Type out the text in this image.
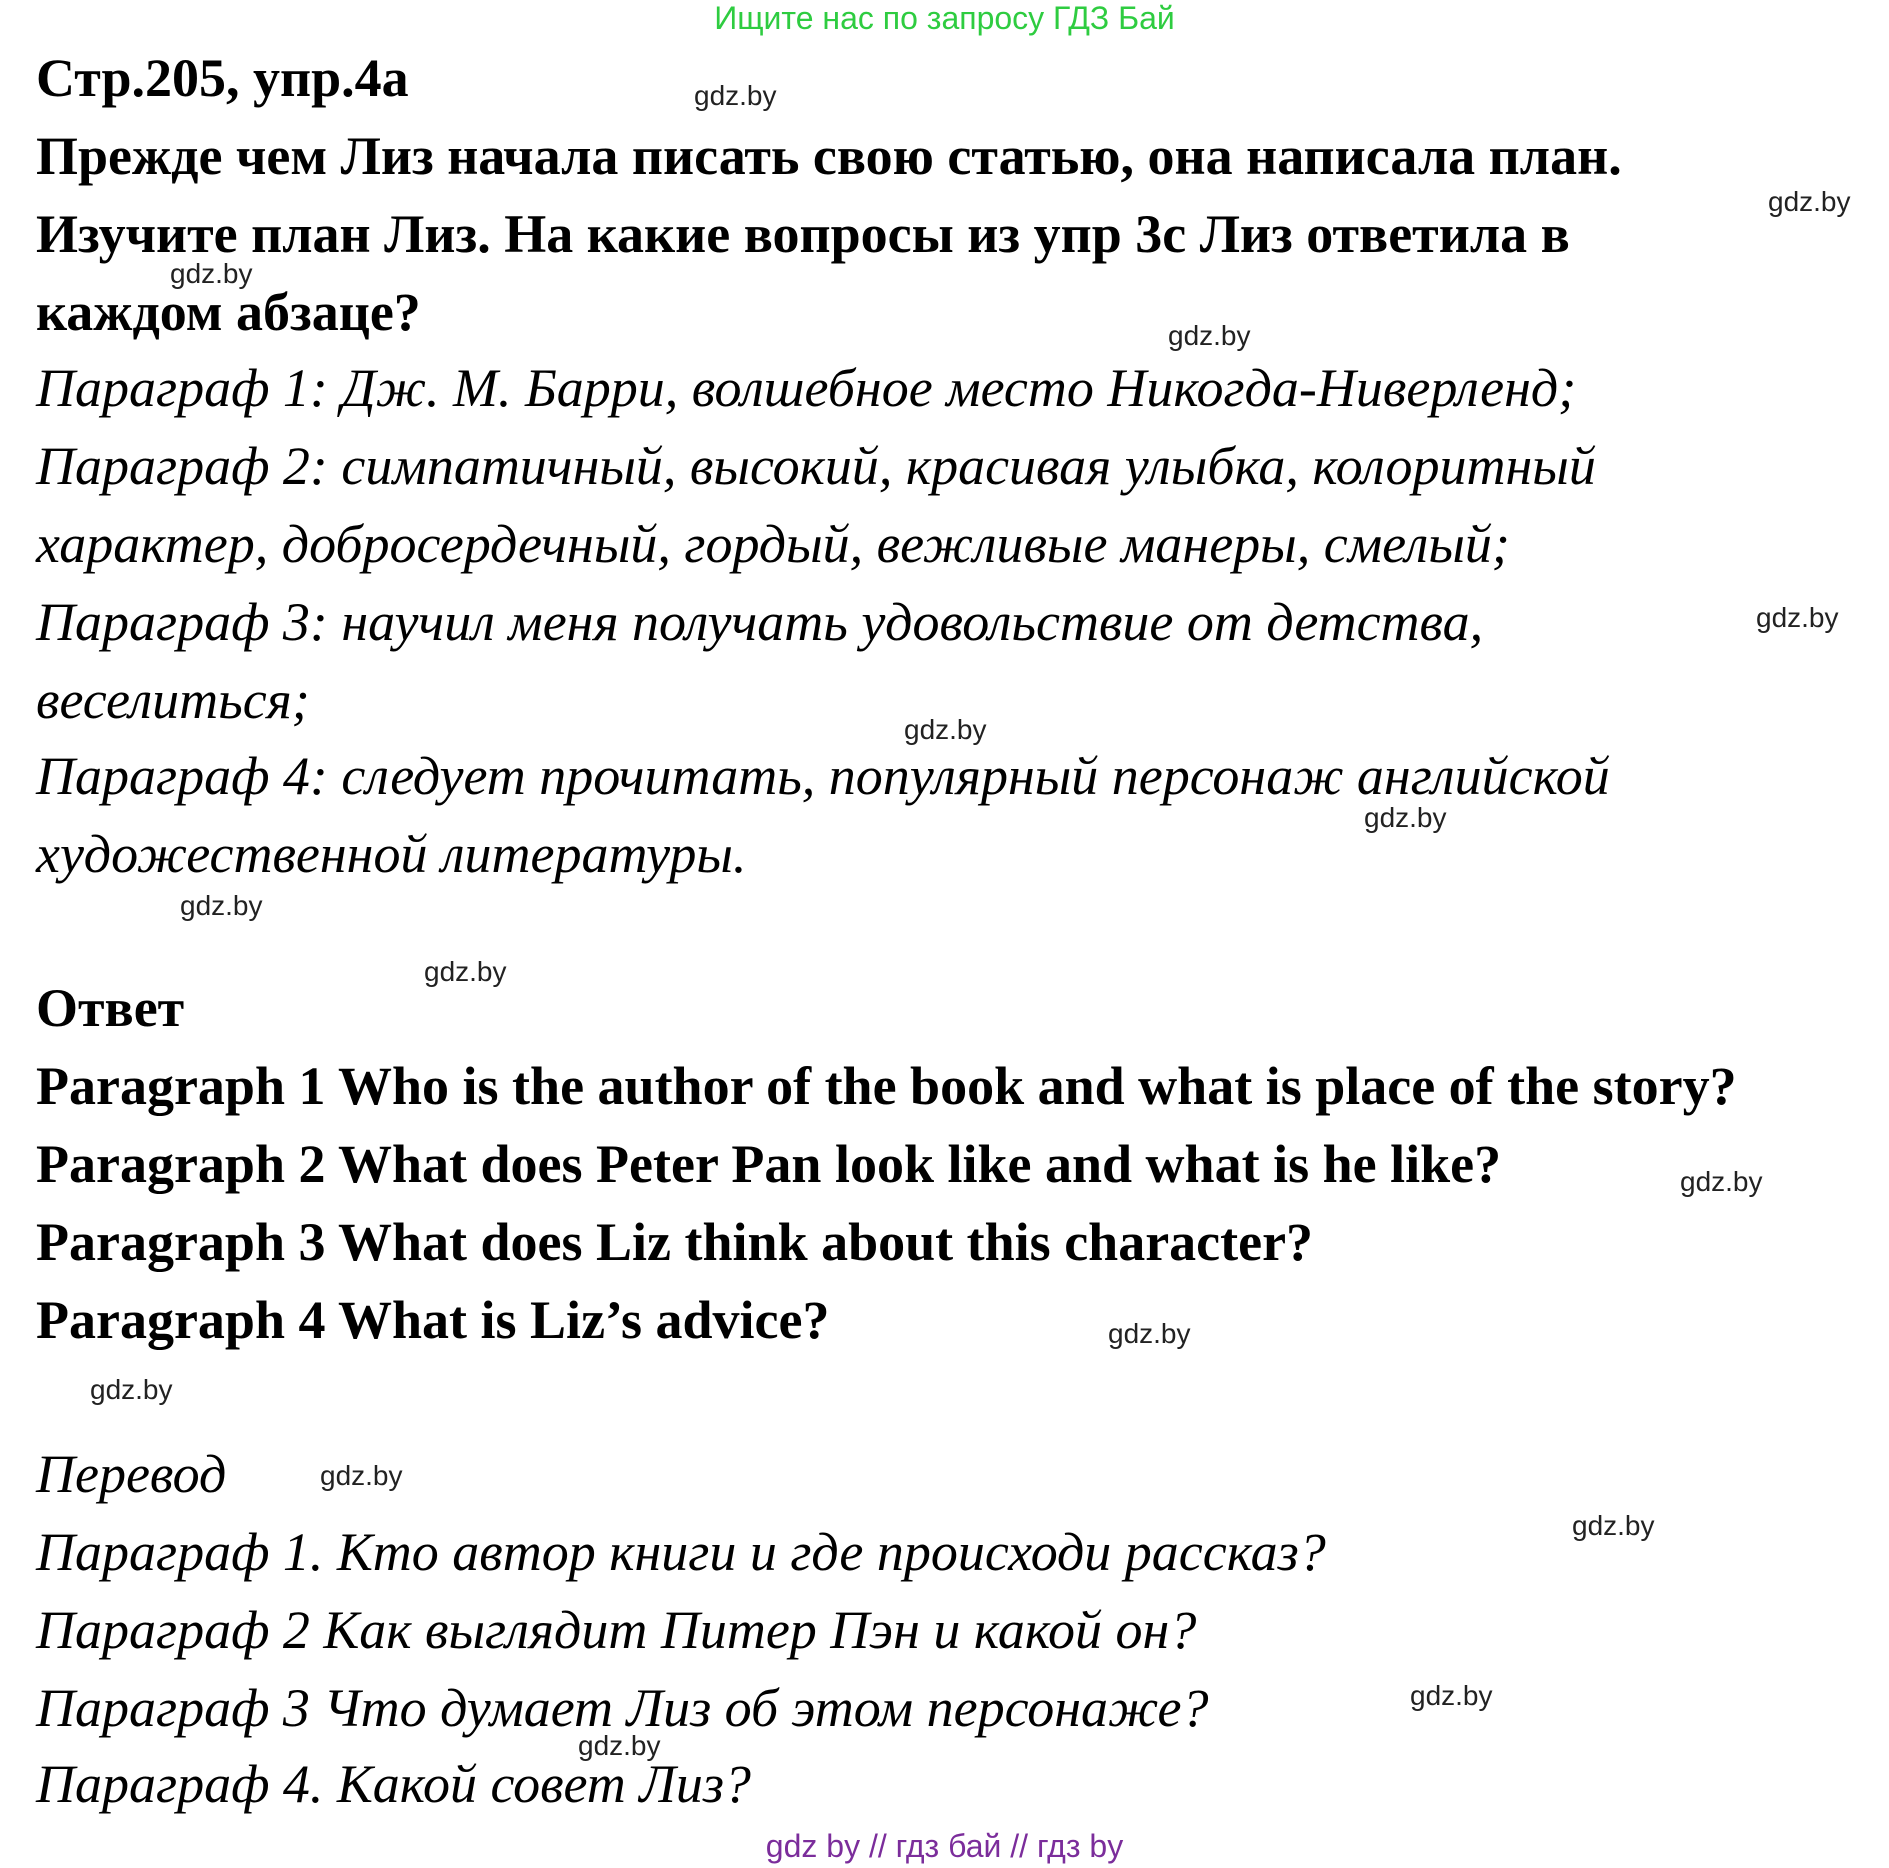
Ищите нас по запросу ГДЗ Бай
Стр.205, упр.4а
Прежде чем Лиз начала писать свою статью, она написала план.
Изучите план Лиз. На какие вопросы из упр 3с Лиз ответила в
каждом абзаце?
Параграф 1: Дж. М. Барри, волшебное место Никогда-Ниверленд;
Параграф 2: симпатичный, высокий, красивая улыбка, колоритный
характер, добросердечный, гордый, вежливые манеры, смелый;
Параграф 3: научил меня получать удовольствие от детства,
веселиться;
Параграф 4: следует прочитать, популярный персонаж английской
художественной литературы.
Ответ
Paragraph 1 Who is the author of the book and what is place of the story?
Paragraph 2 What does Peter Pan look like and what is he like?
Paragraph 3 What does Liz think about this character?
Paragraph 4 What is Liz’s advice?
Перевод
Параграф 1. Кто автор книги и где происходи рассказ?
Параграф 2 Как выглядит Питер Пэн и какой он?
Параграф 3 Что думает Лиз об этом персонаже?
Параграф 4. Какой совет Лиз?
gdz.by
gdz.by
gdz.by
gdz.by
gdz.by
gdz.by
gdz.by
gdz.by
gdz.by
gdz.by
gdz.by
gdz.by
gdz.by
gdz.by
gdz.by
gdz.by
gdz by // гдз бай // гдз by
